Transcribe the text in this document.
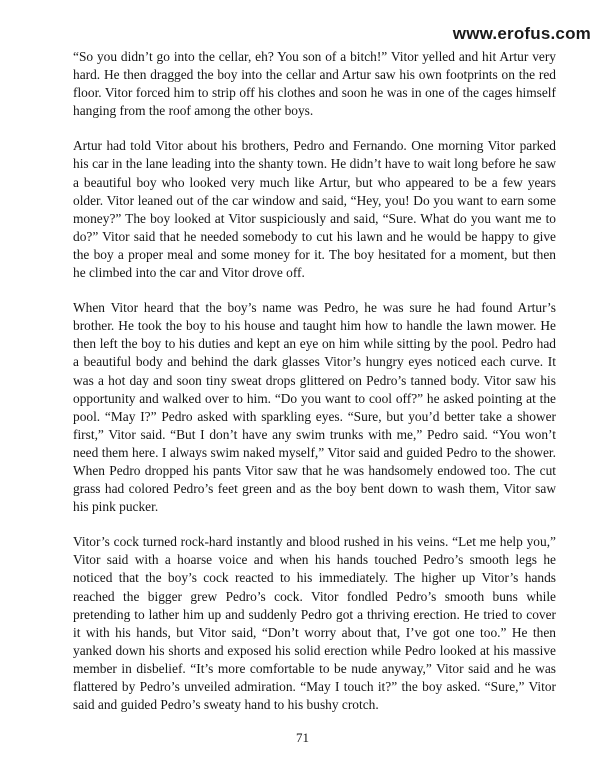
www.erofus.com

“So you didn’t go into the cellar, eh? You son of a bitch!” Vitor yelled and hit Artur very hard. He then dragged the boy into the cellar and Artur saw his own footprints on the red floor. Vitor forced him to strip off his clothes and soon he was in one of the cages himself hanging from the roof among the other boys.

Artur had told Vitor about his brothers, Pedro and Fernando. One morning Vitor parked his car in the lane leading into the shanty town. He didn’t have to wait long before he saw a beautiful boy who looked very much like Artur, but who appeared to be a few years older. Vitor leaned out of the car window and said, “Hey, you! Do you want to earn some money?” The boy looked at Vitor suspiciously and said, “Sure. What do you want me to do?” Vitor said that he needed somebody to cut his lawn and he would be happy to give the boy a proper meal and some money for it. The boy hesitated for a moment, but then he climbed into the car and Vitor drove off.

When Vitor heard that the boy’s name was Pedro, he was sure he had found Artur’s brother. He took the boy to his house and taught him how to handle the lawn mower. He then left the boy to his duties and kept an eye on him while sitting by the pool. Pedro had a beautiful body and behind the dark glasses Vitor’s hungry eyes noticed each curve. It was a hot day and soon tiny sweat drops glittered on Pedro’s tanned body. Vitor saw his opportunity and walked over to him. “Do you want to cool off?” he asked pointing at the pool. “May I?” Pedro asked with sparkling eyes. “Sure, but you’d better take a shower first,” Vitor said. “But I don’t have any swim trunks with me,” Pedro said. “You won’t need them here. I always swim naked myself,” Vitor said and guided Pedro to the shower. When Pedro dropped his pants Vitor saw that he was handsomely endowed too. The cut grass had colored Pedro’s feet green and as the boy bent down to wash them, Vitor saw his pink pucker.

Vitor’s cock turned rock-hard instantly and blood rushed in his veins. “Let me help you,” Vitor said with a hoarse voice and when his hands touched Pedro’s smooth legs he noticed that the boy’s cock reacted to his immediately. The higher up Vitor’s hands reached the bigger grew Pedro’s cock. Vitor fondled Pedro’s smooth buns while pretending to lather him up and suddenly Pedro got a thriving erection. He tried to cover it with his hands, but Vitor said, “Don’t worry about that, I’ve got one too.” He then yanked down his shorts and exposed his solid erection while Pedro looked at his massive member in disbelief. “It’s more comfortable to be nude anyway,” Vitor said and he was flattered by Pedro’s unveiled admiration. “May I touch it?” the boy asked. “Sure,” Vitor said and guided Pedro’s sweaty hand to his bushy crotch.

71
